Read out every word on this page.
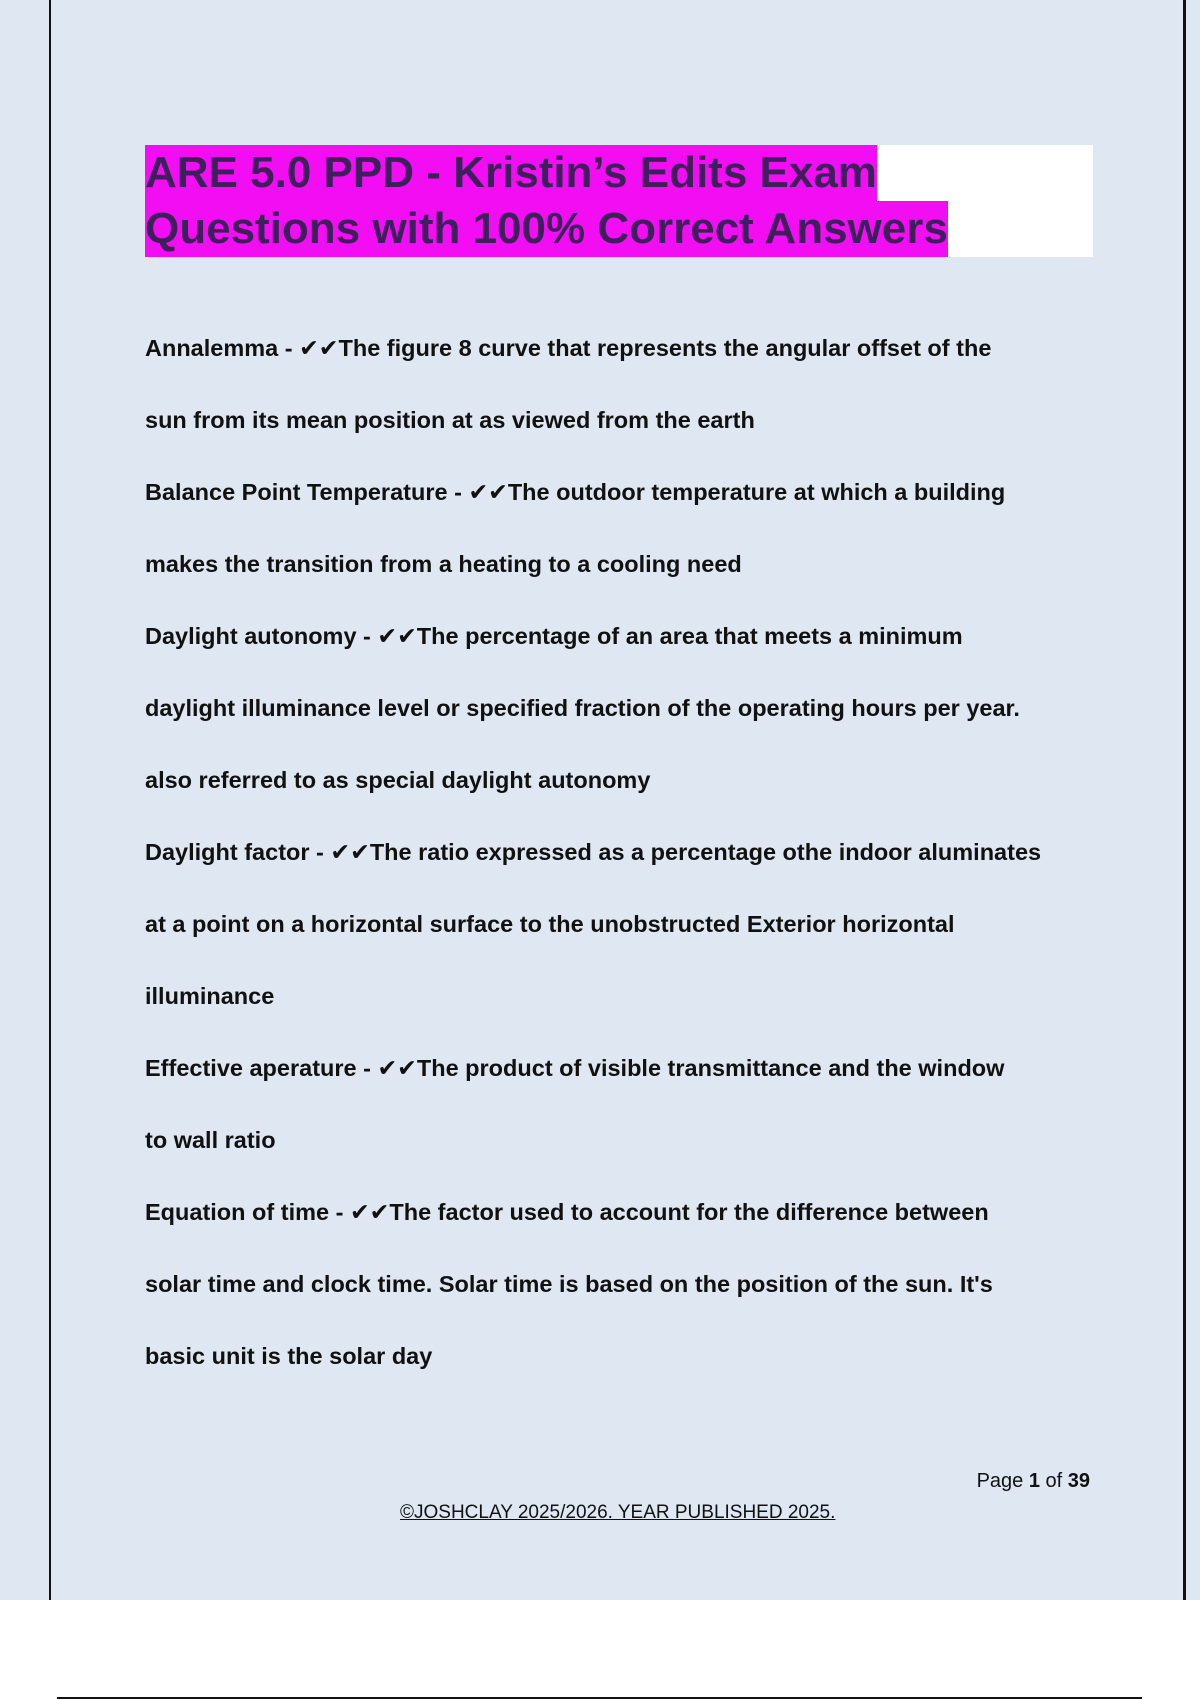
ARE 5.0 PPD - Kristin’s Edits Exam
Questions with 100% Correct Answers
Annalemma - ✔✔The figure 8 curve that represents the angular offset of the
sun from its mean position at as viewed from the earth
Balance Point Temperature - ✔✔The outdoor temperature at which a building
makes the transition from a heating to a cooling need
Daylight autonomy - ✔✔The percentage of an area that meets a minimum
daylight illuminance level or specified fraction of the operating hours per year.
also referred to as special daylight autonomy
Daylight factor - ✔✔The ratio expressed as a percentage othe indoor aluminates
at a point on a horizontal surface to the unobstructed Exterior horizontal
illuminance
Effective aperature - ✔✔The product of visible transmittance and the window
to wall ratio
Equation of time - ✔✔The factor used to account for the difference between
solar time and clock time. Solar time is based on the position of the sun. It's
basic unit is the solar day
Page 1 of 39
©JOSHCLAY 2025/2026. YEAR PUBLISHED 2025.
